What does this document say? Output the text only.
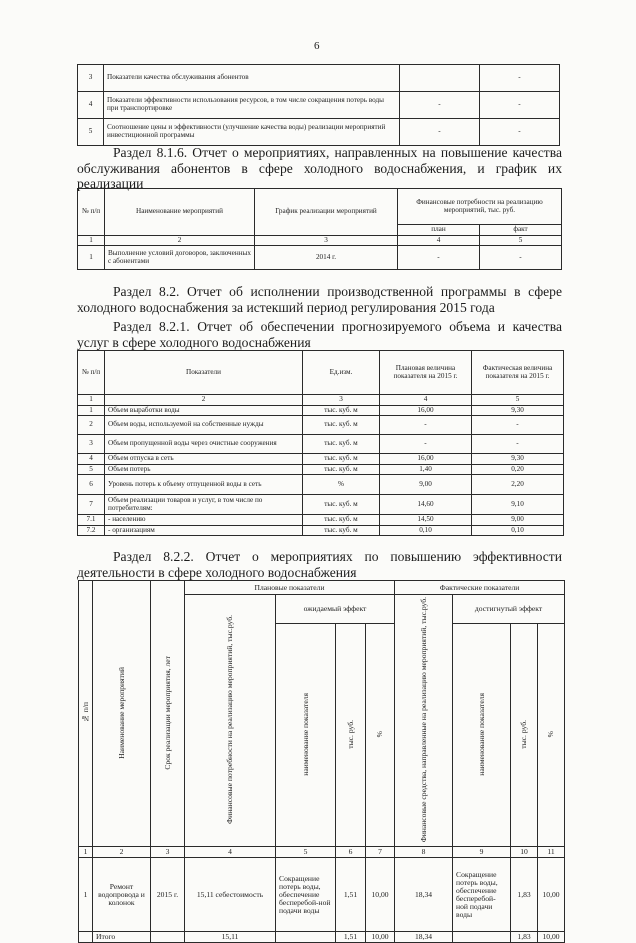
6
3	Показатели качества обслуживания абонентов		-
4	Показатели эффективности использования ресурсов, в том числе сокращения потерь воды при транспортировке	-	-
5	Соотношение цены и эффективности (улучшение качества воды) реализации мероприятий инвестиционной программы	-	-
Раздел 8.1.6. Отчет о мероприятиях, направленных на повышение качества обслуживания абонентов в сфере холодного водоснабжения, и график их реализации
№ п/п	Наименование мероприятий	График реализации мероприятий	Финансовые потребности на реализацию мероприятий, тыс. руб.	
			план	факт
1	2	3	4	5
1	Выполнение условий договоров, заключенных с абонентами	2014 г.	-	-
Раздел 8.2. Отчет об исполнении производственной программы в сфере холодного водоснабжения за истекший период регулирования 2015 года
Раздел 8.2.1. Отчет об обеспечении прогнозируемого объема и качества услуг в сфере холодного водоснабжения
№ п/п	Показатели	Ед.изм.	Плановая величина показателя на 2015 г.	Фактическая величина показателя на 2015 г.
1	2	3	4	5
1	Объем выработки воды	тыс. куб. м	16,00	9,30
2	Объем воды, используемой на собственные нужды	тыс. куб. м	-	-
3	Объем пропущенной воды через очистные сооружения	тыс. куб. м	-	-
4	Объем отпуска в сеть	тыс. куб. м	16,00	9,30
5	Объем потерь	тыс. куб. м	1,40	0,20
6	Уровень потерь к объему отпущенной воды в сеть	%	9,00	2,20
7	Объем реализации товаров и услуг, в том числе по потребителям:	тыс. куб. м	14,60	9,10
7.1	- населению	тыс. куб. м	14,50	9,00
7.2	- организациям	тыс. куб. м	0,10	0,10
Раздел 8.2.2. Отчет о мероприятиях по повышению эффективности деятельности в сфере холодного водоснабжения
№ п/п	Наименование мероприятий	Срок реализации мероприятия, лет	Плановые показатели				Фактические показатели			
			Финансовые потребности на реализацию мероприятий, тыс.руб.	ожидаемый эффект			Финансовые средства, направленные на реализацию мероприятий, тыс.руб.	достигнутый эффект		
				наименование показателя	тыс. руб.	%		наименование показателя	тыс. руб.	%
1	2	3	4	5	6	7	8	9	10	11
1	Ремонт водопровода и колонок	2015 г.	15,11 себестоимость	Сокращение потерь воды, обеспечение бесперебой-ной подачи воды	1,51	10,00	18,34	Сокращение потерь воды, обеспечение бесперебой-ной подачи воды	1,83	10,00
	Итого		15,11		1,51	10,00	18,34		1,83	10,00
